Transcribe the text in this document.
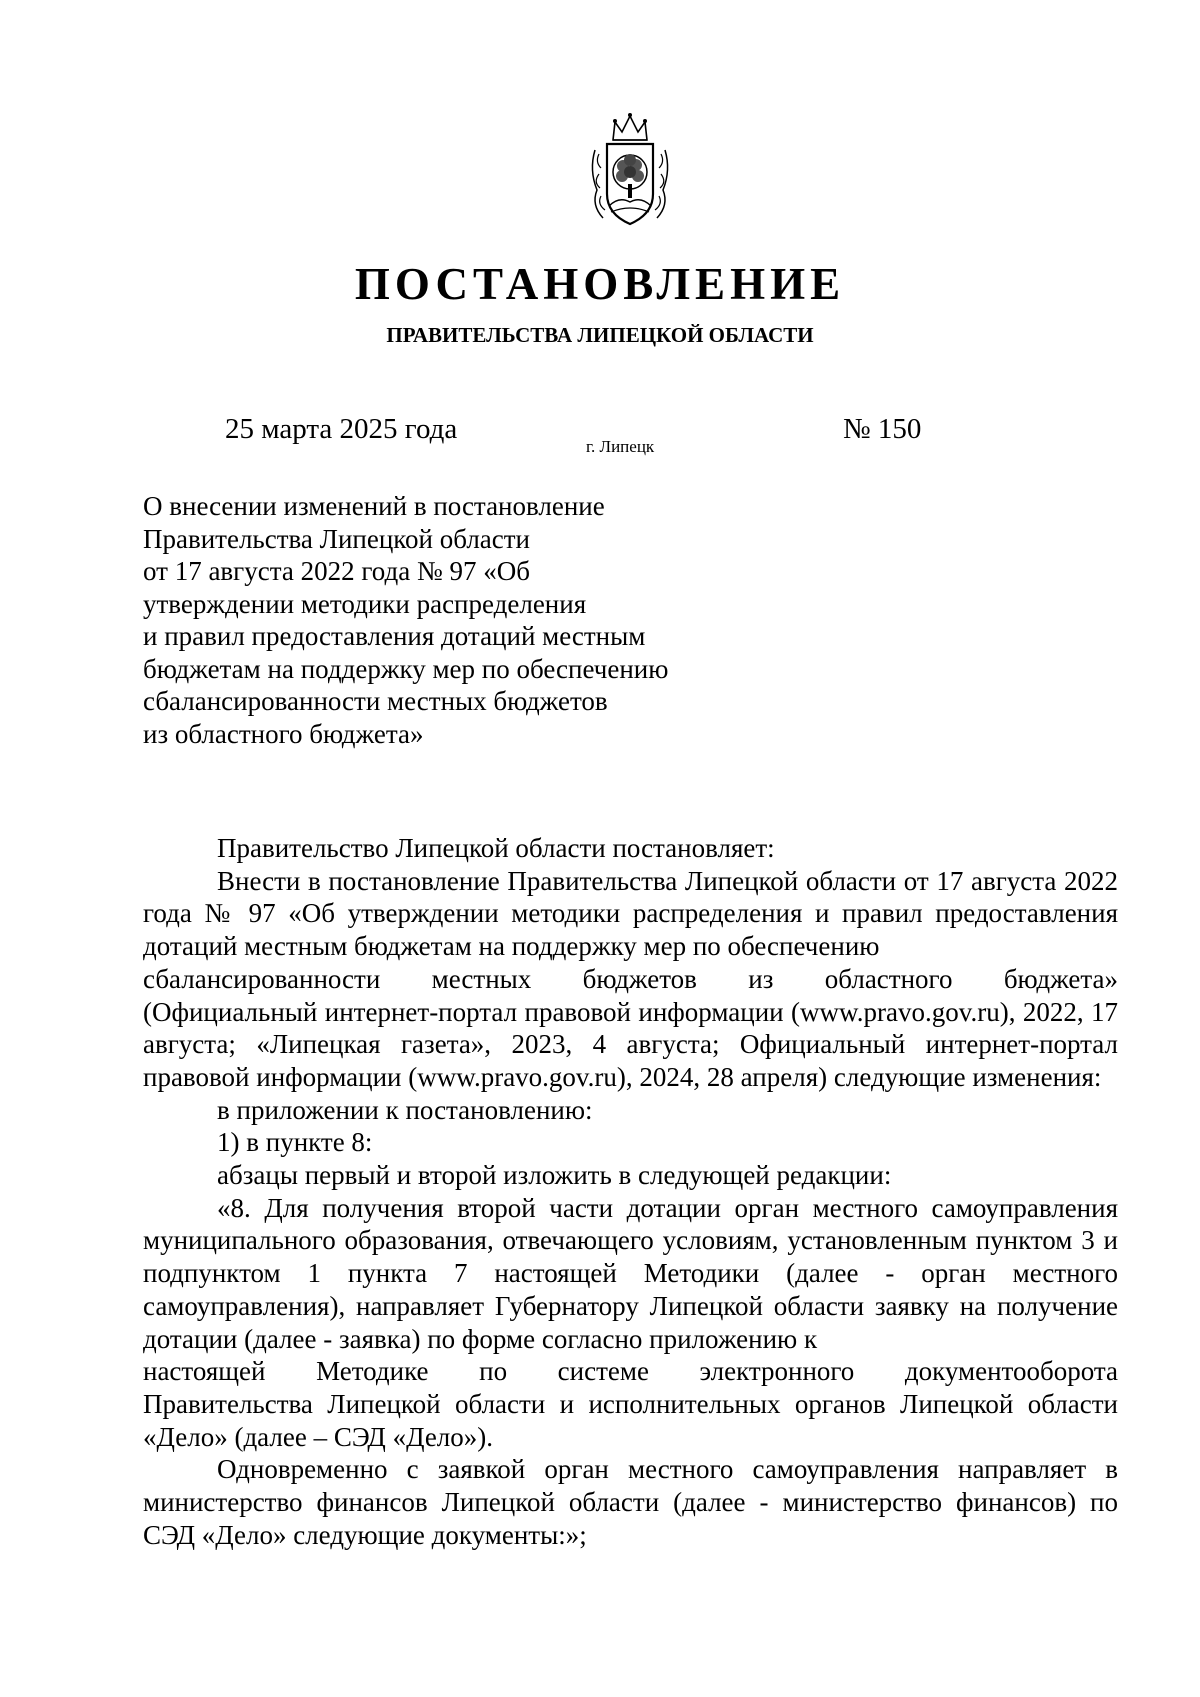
ПОСТАНОВЛЕНИЕ
ПРАВИТЕЛЬСТВА ЛИПЕЦКОЙ ОБЛАСТИ
25 марта 2025 года
г. Липецк
№ 150
О внесении изменений в постановление
Правительства Липецкой области
от 17 августа 2022 года № 97 «Об
утверждении методики распределения
и правил предоставления дотаций местным
бюджетам на поддержку мер по обеспечению
сбалансированности местных бюджетов
из областного бюджета»

Правительство Липецкой области постановляет:

Внести в постановление Правительства Липецкой области от 17 августа 2022 года № 97 «Об утверждении методики распределения и правил предоставления дотаций местным бюджетам на поддержку мер по обеспечению

сбалансированности местных бюджетов из областного бюджета»

(Официальный интернет-портал правовой информации (www.pravo.gov.ru), 2022, 17 августа; «Липецкая газета», 2023, 4 августа; Официальный интернет-портал правовой информации (www.pravo.gov.ru), 2024, 28 апреля) следующие изменения:

в приложении к постановлению:

1) в пункте 8:

абзацы первый и второй изложить в следующей редакции:

«8. Для получения второй части дотации орган местного самоуправления муниципального образования, отвечающего условиям, установленным пунктом 3 и подпунктом 1 пункта 7 настоящей Методики (далее - орган местного самоуправления), направляет Губернатору Липецкой области заявку на получение дотации (далее - заявка) по форме согласно приложению к

настоящей Методике по системе электронного документооборота

Правительства Липецкой области и исполнительных органов Липецкой области «Дело» (далее – СЭД «Дело»).

Одновременно с заявкой орган местного самоуправления направляет в министерство финансов Липецкой области (далее - министерство финансов) по СЭД «Дело» следующие документы:»;
